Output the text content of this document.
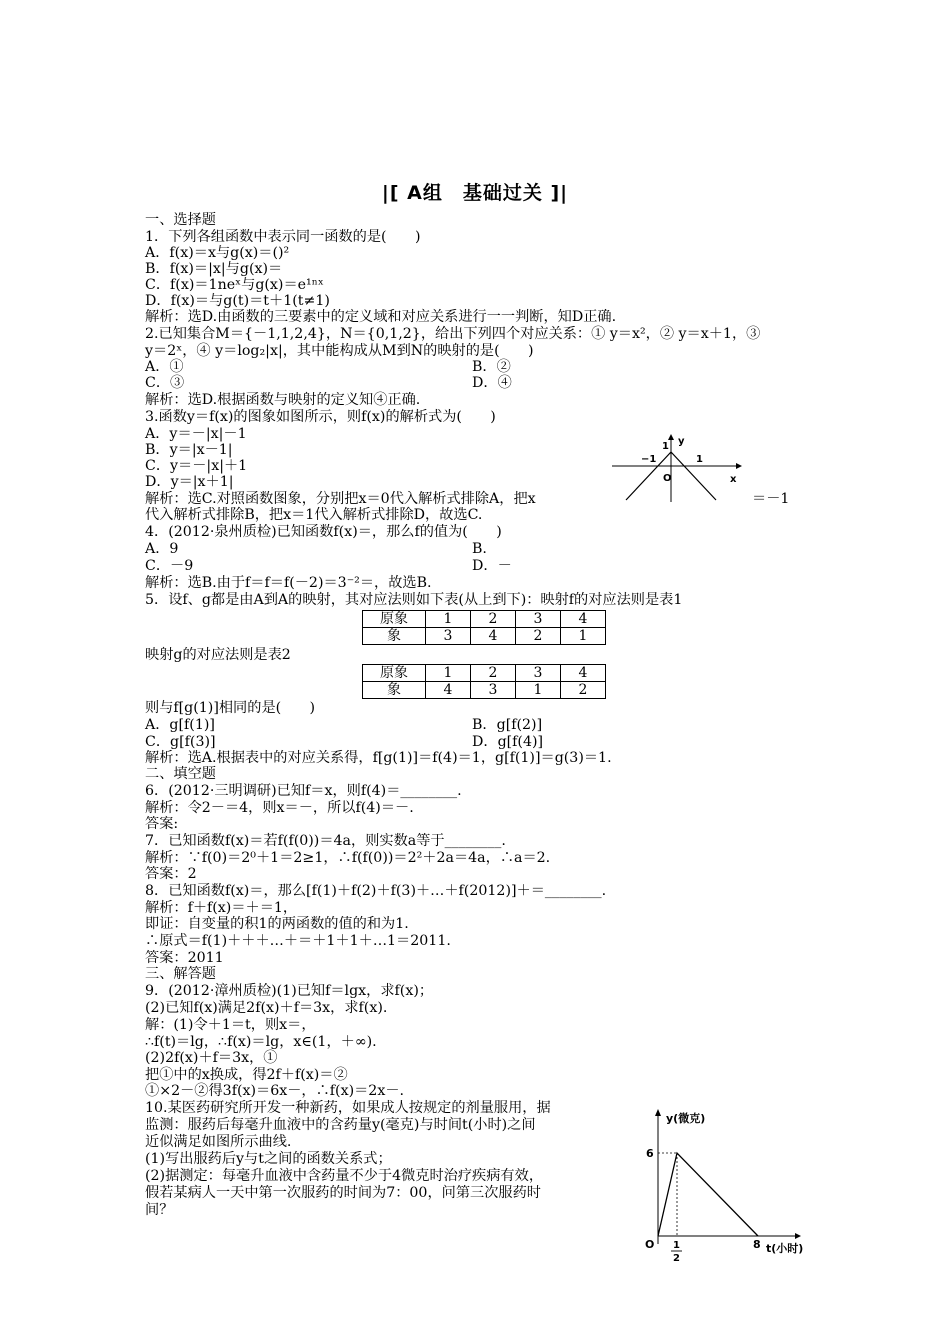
|[ A组　基础过关 ]|
一、选择题
1．下列各组函数中表示同一函数的是(　　)
A．f(x)＝x与g(x)＝()²
B．f(x)＝|x|与g(x)＝
C．f(x)＝1neˣ与g(x)＝e¹ⁿˣ
D．f(x)＝与g(t)＝t＋1(t≠1)
解析：选D.由函数的三要素中的定义域和对应关系进行一一判断，知D正确.
2.已知集合M＝{－1,1,2,4}，N＝{0,1,2}，给出下列四个对应关系：① y＝x²，② y＝x＋1，③
y＝2ˣ，④ y＝log₂|x|，其中能构成从M到N的映射的是(　　)
A．①	B．②
C．③	D．④
解析：选D.根据函数与映射的定义知④正确.
3.函数y＝f(x)的图象如图所示，则f(x)的解析式为(　　)
A．y＝－|x|－1
B．y＝|x－1|
C．y＝－|x|＋1
D．y＝|x＋1|
解析：选C.对照函数图象，分别把x＝0代入解析式排除A，把x	＝－1
代入解析式排除B，把x＝1代入解析式排除D，故选C.
y
x
O
1
−1	1
4．(2012·泉州质检)已知函数f(x)＝，那么f的值为(　　)
A．9	B.
C．－9	D．－
解析：选B.由于f＝f＝f(－2)＝3⁻²＝，故选B.
5．设f、g都是由A到A的映射，其对应法则如下表(从上到下)：映射f的对应法则是表1
原象	1	2	3	4
象	3	4	2	1
映射g的对应法则是表2
原象	1	2	3	4
象	4	3	1	2
则与f[g(1)]相同的是(　　)
A．g[f(1)]	B．g[f(2)]
C．g[f(3)]	D．g[f(4)]
解析：选A.根据表中的对应关系得，f[g(1)]＝f(4)＝1，g[f(1)]＝g(3)＝1.
二、填空题
6．(2012·三明调研)已知f＝x，则f(4)＝________.
解析：令2－＝4，则x＝－，所以f(4)＝－.
答案:
7．已知函数f(x)＝若f(f(0))＝4a，则实数a等于________.
解析：∵f(0)＝2⁰＋1＝2≥1，∴f(f(0))＝2²＋2a＝4a，∴a＝2.
答案：2
8．已知函数f(x)＝，那么[f(1)＋f(2)＋f(3)＋…＋f(2012)]＋＝________.
解析：f＋f(x)＝＋＝1，
即证：自变量的积1的两函数的值的和为1.
∴原式＝f(1)＋＋＋…＋＝＋1＋1＋…1＝2011.
答案：2011
三、解答题
9．(2012·漳州质检)(1)已知f＝lgx，求f(x)；
(2)已知f(x)满足2f(x)＋f＝3x，求f(x).
解：(1)令＋1＝t，则x＝，
∴f(t)＝lg，∴f(x)＝lg，x∈(1，＋∞).
(2)2f(x)＋f＝3x，①
把①中的x换成，得2f＋f(x)＝②
①×2－②得3f(x)＝6x－，∴f(x)＝2x－.
10.某医药研究所开发一种新药，如果成人按规定的剂量服用，据
监测：服药后每毫升血液中的含药量y(毫克)与时间t(小时)之间
近似满足如图所示曲线.
(1)写出服药后y与t之间的函数关系式；
(2)据测定：每毫升血液中含药量不少于4微克时治疗疾病有效，
假若某病人一天中第一次服药的时间为7：00，问第三次服药时
间？
y(微克)
t(小时)
O
6
1
2
8
